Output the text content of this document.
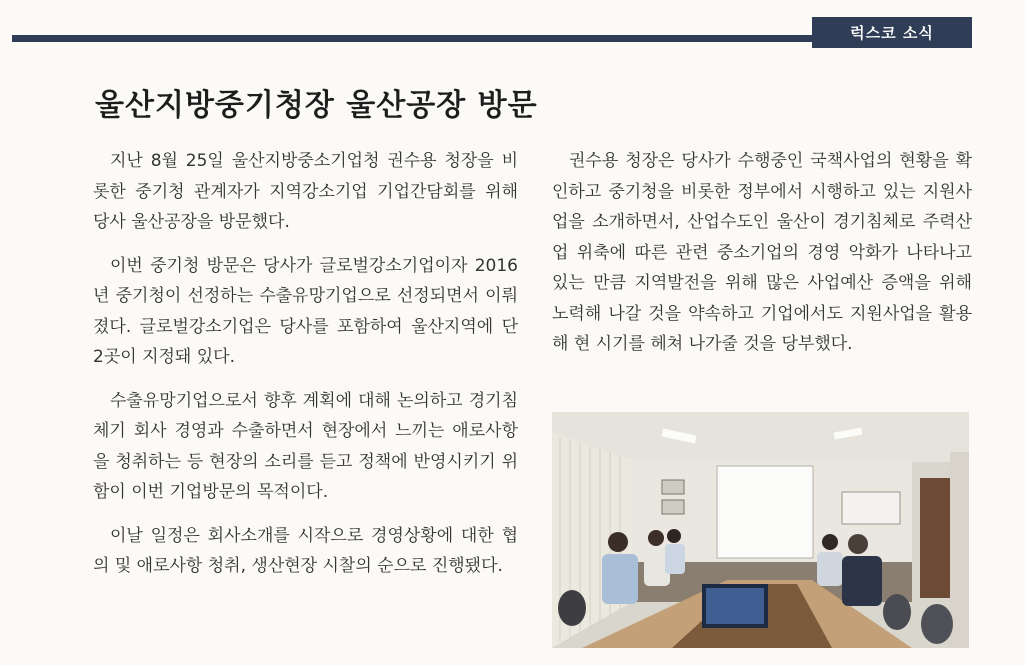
럭스코 소식
울산지방중기청장 울산공장 방문

지난 8월 25일 울산지방중소기업청 권수용 청장을 비롯한 중기청 관계자가 지역강소기업 기업간담회를 위해 당사 울산공장을 방문했다.

이번 중기청 방문은 당사가 글로벌강소기업이자 2016년 중기청이 선정하는 수출유망기업으로 선정되면서 이뤄졌다. 글로벌강소기업은 당사를 포함하여 울산지역에 단 2곳이 지정돼 있다.

수출유망기업으로서 향후 계획에 대해 논의하고 경기침체기 회사 경영과 수출하면서 현장에서 느끼는 애로사항을 청취하는 등 현장의 소리를 듣고 정책에 반영시키기 위함이 이번 기업방문의 목적이다.

이날 일정은 회사소개를 시작으로 경영상황에 대한 협의 및 애로사항 청취, 생산현장 시찰의 순으로 진행됐다.

권수용 청장은 당사가 수행중인 국책사업의 현황을 확인하고 중기청을 비롯한 정부에서 시행하고 있는 지원사업을 소개하면서, 산업수도인 울산이 경기침체로 주력산업 위축에 따른 관련 중소기업의 경영 악화가 나타나고 있는 만큼 지역발전을 위해 많은 사업예산 증액을 위해 노력해 나갈 것을 약속하고 기업에서도 지원사업을 활용해 현 시기를 헤쳐 나가줄 것을 당부했다.
